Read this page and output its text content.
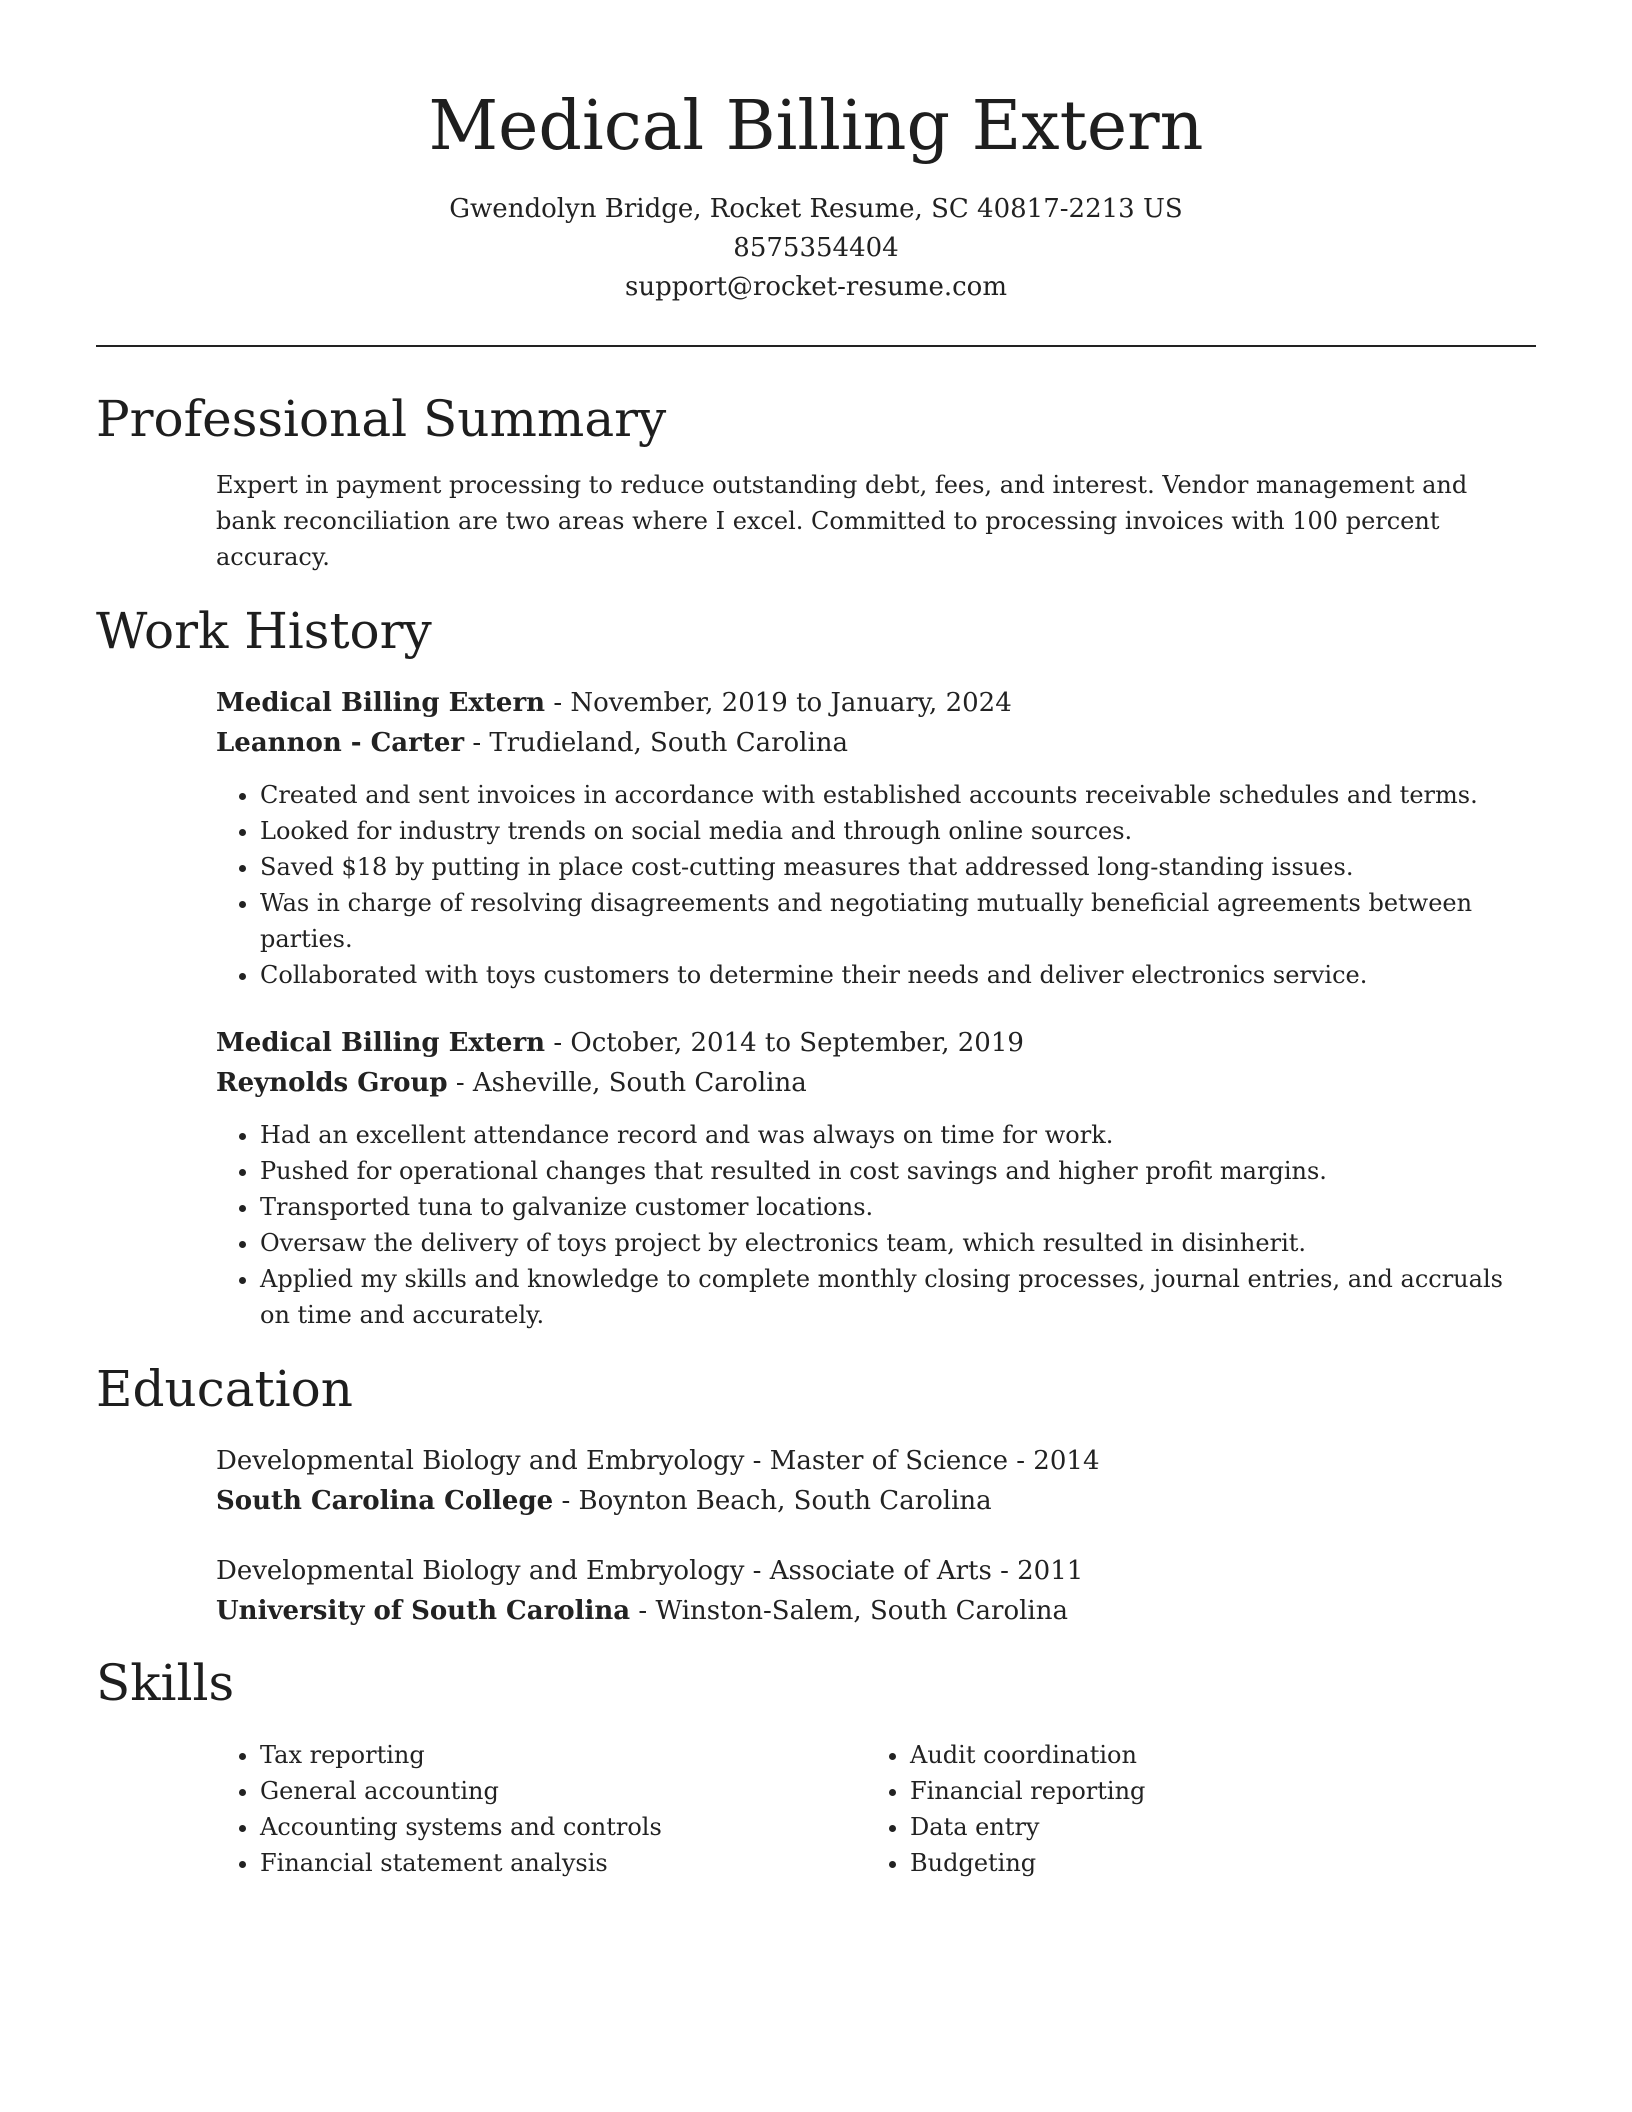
Medical Billing Extern
Gwendolyn Bridge, Rocket Resume, SC 40817-2213 US
8575354404
support@rocket-resume.com
Professional Summary
Expert in payment processing to reduce outstanding debt, fees, and interest. Vendor management and bank reconciliation are two areas where I excel. Committed to processing invoices with 100 percent accuracy.
Work History
Medical Billing Extern - November, 2019 to January, 2024
Leannon - Carter - Trudieland, South Carolina
• Created and sent invoices in accordance with established accounts receivable schedules and terms.
• Looked for industry trends on social media and through online sources.
• Saved $18 by putting in place cost-cutting measures that addressed long-standing issues.
• Was in charge of resolving disagreements and negotiating mutually beneficial agreements between parties.
• Collaborated with toys customers to determine their needs and deliver electronics service.
Medical Billing Extern - October, 2014 to September, 2019
Reynolds Group - Asheville, South Carolina
• Had an excellent attendance record and was always on time for work.
• Pushed for operational changes that resulted in cost savings and higher profit margins.
• Transported tuna to galvanize customer locations.
• Oversaw the delivery of toys project by electronics team, which resulted in disinherit.
• Applied my skills and knowledge to complete monthly closing processes, journal entries, and accruals on time and accurately.
Education
Developmental Biology and Embryology - Master of Science - 2014
South Carolina College - Boynton Beach, South Carolina
Developmental Biology and Embryology - Associate of Arts - 2011
University of South Carolina - Winston-Salem, South Carolina
Skills
• Tax reporting
• General accounting
• Accounting systems and controls
• Financial statement analysis
• Audit coordination
• Financial reporting
• Data entry
• Budgeting
